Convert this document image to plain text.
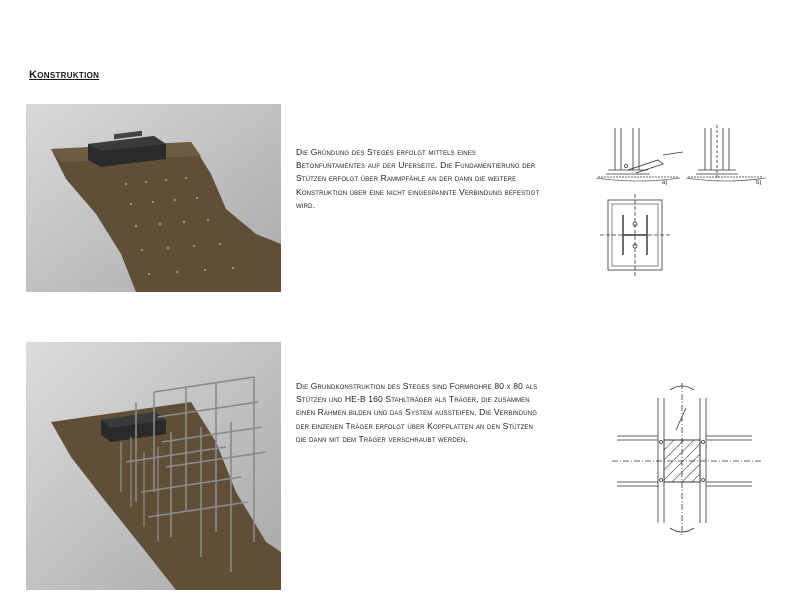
Konstruktion
Die Gründung des Steges erfolgt mittels eines Betonfuntamentes auf der Uferseite. Die Fundamentierung der Stützen erfolgt über Rammpfähle an der dann die weitere Konstruktion über eine nicht eingespannte Verbindung befestigt wird.
a)	b)
Die Grundkonstruktion des Steges sind Formrohre 80 x 80 als Stützen und HE-B 160 Stahlträger als Träger, die zusammen einen Rahmen bilden und das System aussteifen. Die Verbindung der einzenen Träger erfolgt über Kopfplatten an den Stützen die dann mit dem Träger verschraubt werden.
